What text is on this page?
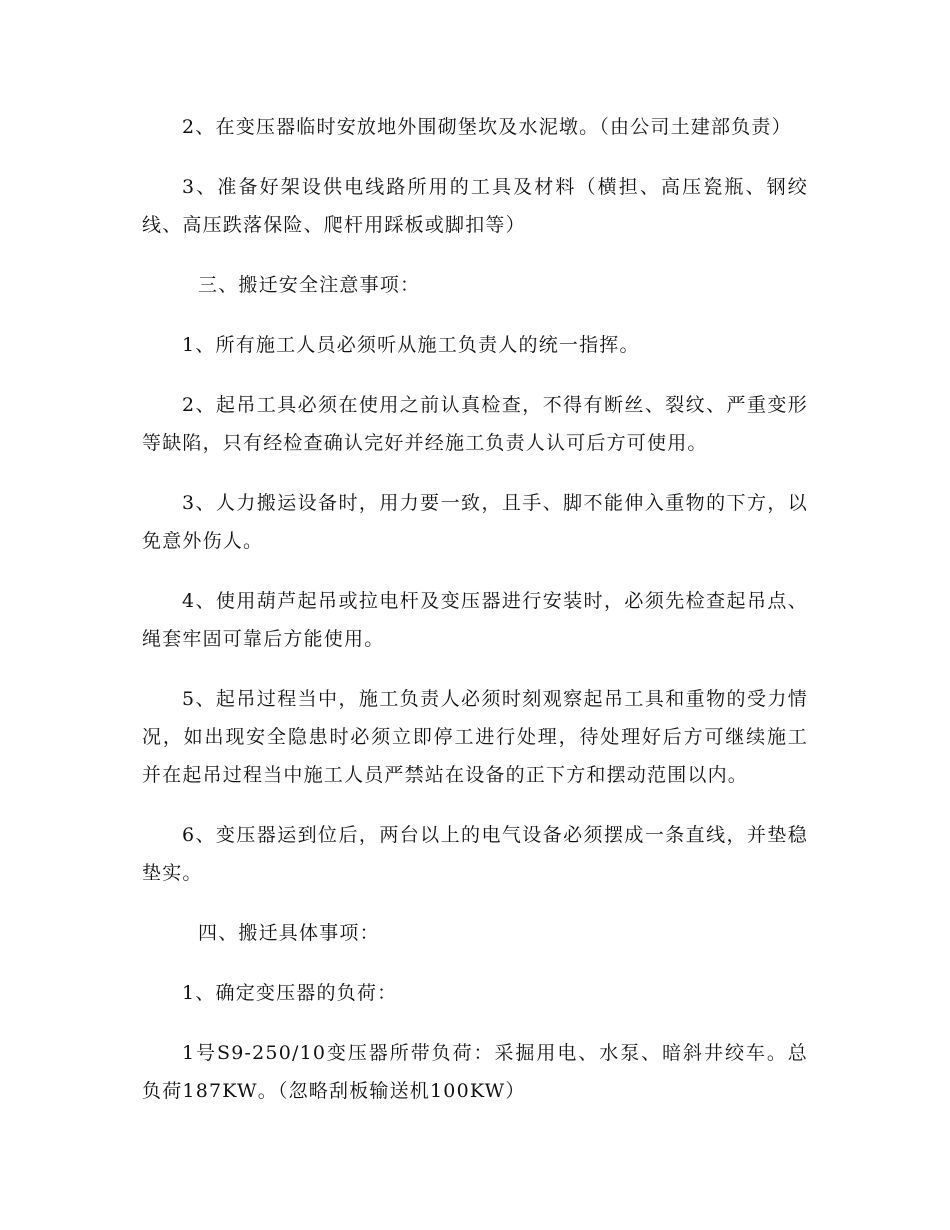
2、在变压器临时安放地外围砌堡坎及水泥墩。（由公司土建部负责）

3、准备好架设供电线路所用的工具及材料（横担、高压瓷瓶、钢绞线、高压跌落保险、爬杆用踩板或脚扣等）

三、搬迁安全注意事项：

1、所有施工人员必须听从施工负责人的统一指挥。

2、起吊工具必须在使用之前认真检查，不得有断丝、裂纹、严重变形等缺陷，只有经检查确认完好并经施工负责人认可后方可使用。

3、人力搬运设备时，用力要一致，且手、脚不能伸入重物的下方，以免意外伤人。

4、使用葫芦起吊或拉电杆及变压器进行安装时，必须先检查起吊点、绳套牢固可靠后方能使用。

5、起吊过程当中，施工负责人必须时刻观察起吊工具和重物的受力情况，如出现安全隐患时必须立即停工进行处理，待处理好后方可继续施工并在起吊过程当中施工人员严禁站在设备的正下方和摆动范围以内。

6、变压器运到位后，两台以上的电气设备必须摆成一条直线，并垫稳垫实。

四、搬迁具体事项：

1、确定变压器的负荷：

1号S9-250/10变压器所带负荷：采掘用电、水泵、暗斜井绞车。总负荷187KW。（忽略刮板输送机100KW）
